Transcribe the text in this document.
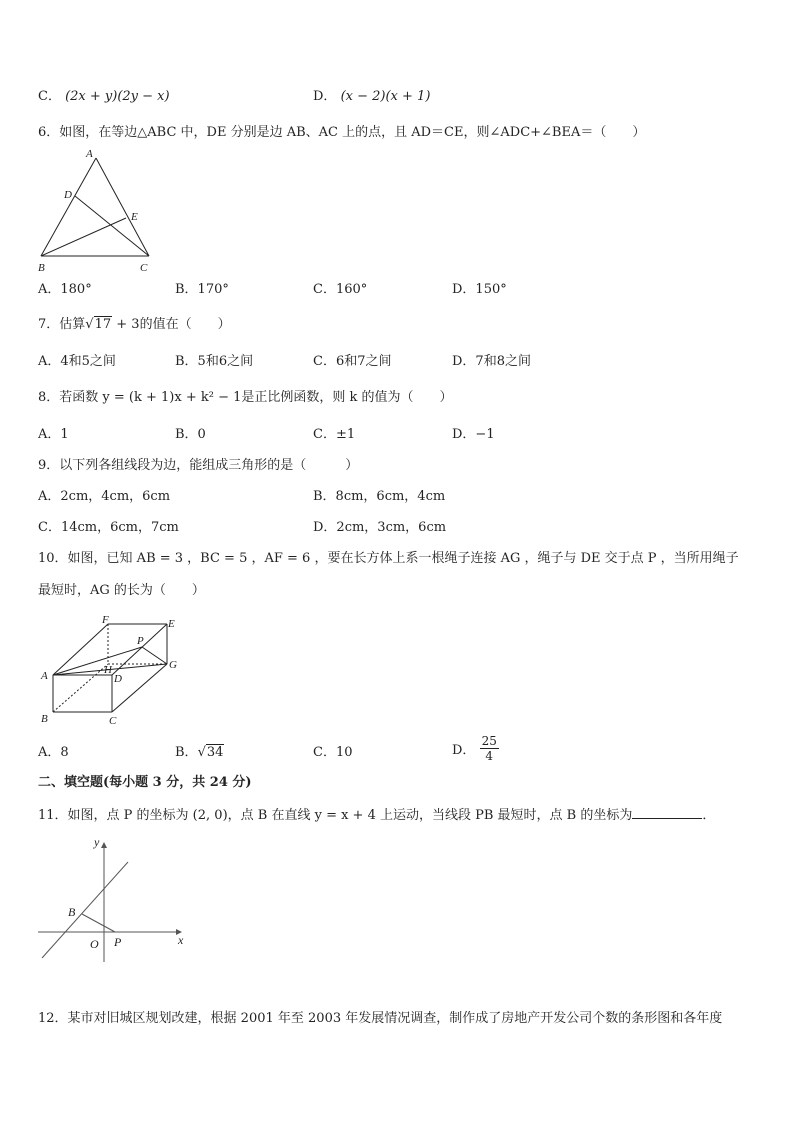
C． (2x + y)(2y − x)	D． (x − 2)(x + 1)
6．如图，在等边△ABC 中，DE 分别是边 AB、AC 上的点，且 AD＝CE，则∠ADC+∠BEA＝（　　）
A
D
E
B	C
A．180°	B．170°	C．160°	D．150°
7．估算√17 + 3的值在（　　）
A．4和5之间	B．5和6之间	C．6和7之间	D．7和8之间
8．若函数 y = (k + 1)x + k² − 1是正比例函数，则 k 的值为（　　）
A．1	B．0	C．±1	D．−1
9．以下列各组线段为边，能组成三角形的是（　　　）
A．2cm，4cm，6cm	B．8cm，6cm，4cm
C．14cm，6cm，7cm	D．2cm，3cm，6cm
10．如图，已知 AB = 3 ，BC = 5 ，AF = 6 ，要在长方体上系一根绳子连接 AG ，绳子与 DE 交于点 P ，当所用绳子
最短时，AG 的长为（　　）
F	E
P
A	H
D
G
B	C
A．8	B．√34	C．10	D． $\frac{25}{4}$
二、填空题(每小题 3 分，共 24 分)
11．如图，点 P 的坐标为 (2, 0)，点 B 在直线 y = x + 4 上运动，当线段 PB 最短时，点 B 的坐标为	．
y
x
B
O P
12．某市对旧城区规划改建，根据 2001 年至 2003 年发展情况调查，制作成了房地产开发公司个数的条形图和各年度
